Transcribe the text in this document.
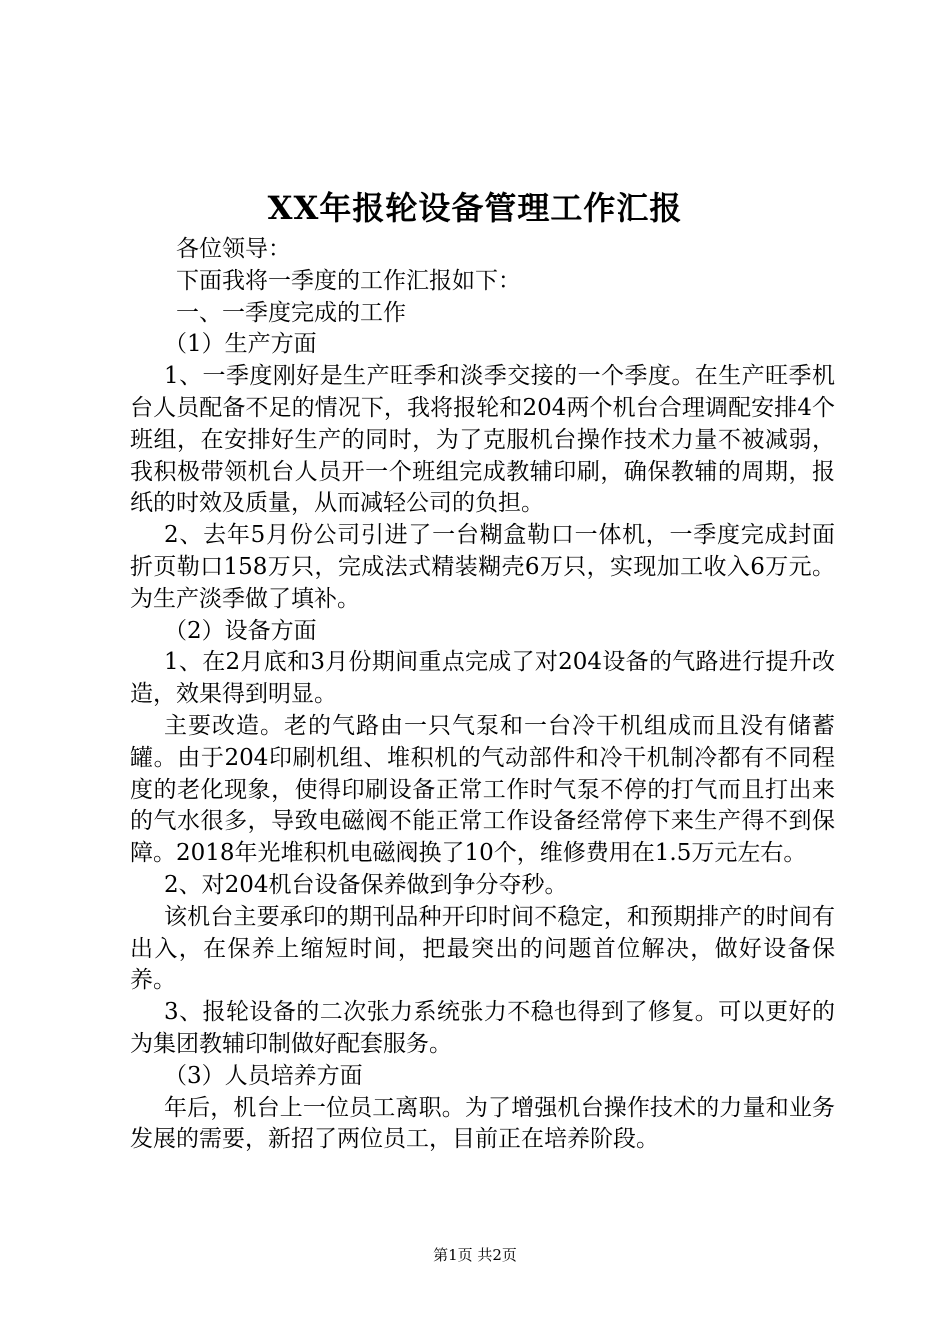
XX年报轮设备管理工作汇报

各位领导：

下面我将一季度的工作汇报如下：

一、一季度完成的工作

（1）生产方面

1、一季度刚好是生产旺季和淡季交接的一个季度。在生产旺季机台人员配备不足的情况下，我将报轮和204两个机台合理调配安排4个班组，在安排好生产的同时，为了克服机台操作技术力量不被减弱，我积极带领机台人员开一个班组完成教辅印刷，确保教辅的周期，报纸的时效及质量，从而减轻公司的负担。

2、去年5月份公司引进了一台糊盒勒口一体机，一季度完成封面折页勒口158万只，完成法式精装糊壳6万只，实现加工收入6万元。为生产淡季做了填补。

（2）设备方面

1、在2月底和3月份期间重点完成了对204设备的气路进行提升改造，效果得到明显。

主要改造。老的气路由一只气泵和一台冷干机组成而且没有储蓄罐。由于204印刷机组、堆积机的气动部件和冷干机制冷都有不同程度的老化现象，使得印刷设备正常工作时气泵不停的打气而且打出来的气水很多，导致电磁阀不能正常工作设备经常停下来生产得不到保障。2018年光堆积机电磁阀换了10个，维修费用在1.5万元左右。

2、对204机台设备保养做到争分夺秒。

该机台主要承印的期刊品种开印时间不稳定，和预期排产的时间有出入，在保养上缩短时间，把最突出的问题首位解决，做好设备保养。

3、报轮设备的二次张力系统张力不稳也得到了修复。可以更好的为集团教辅印制做好配套服务。

（3）人员培养方面

年后，机台上一位员工离职。为了增强机台操作技术的力量和业务发展的需要，新招了两位员工，目前正在培养阶段。

第1页 共2页
